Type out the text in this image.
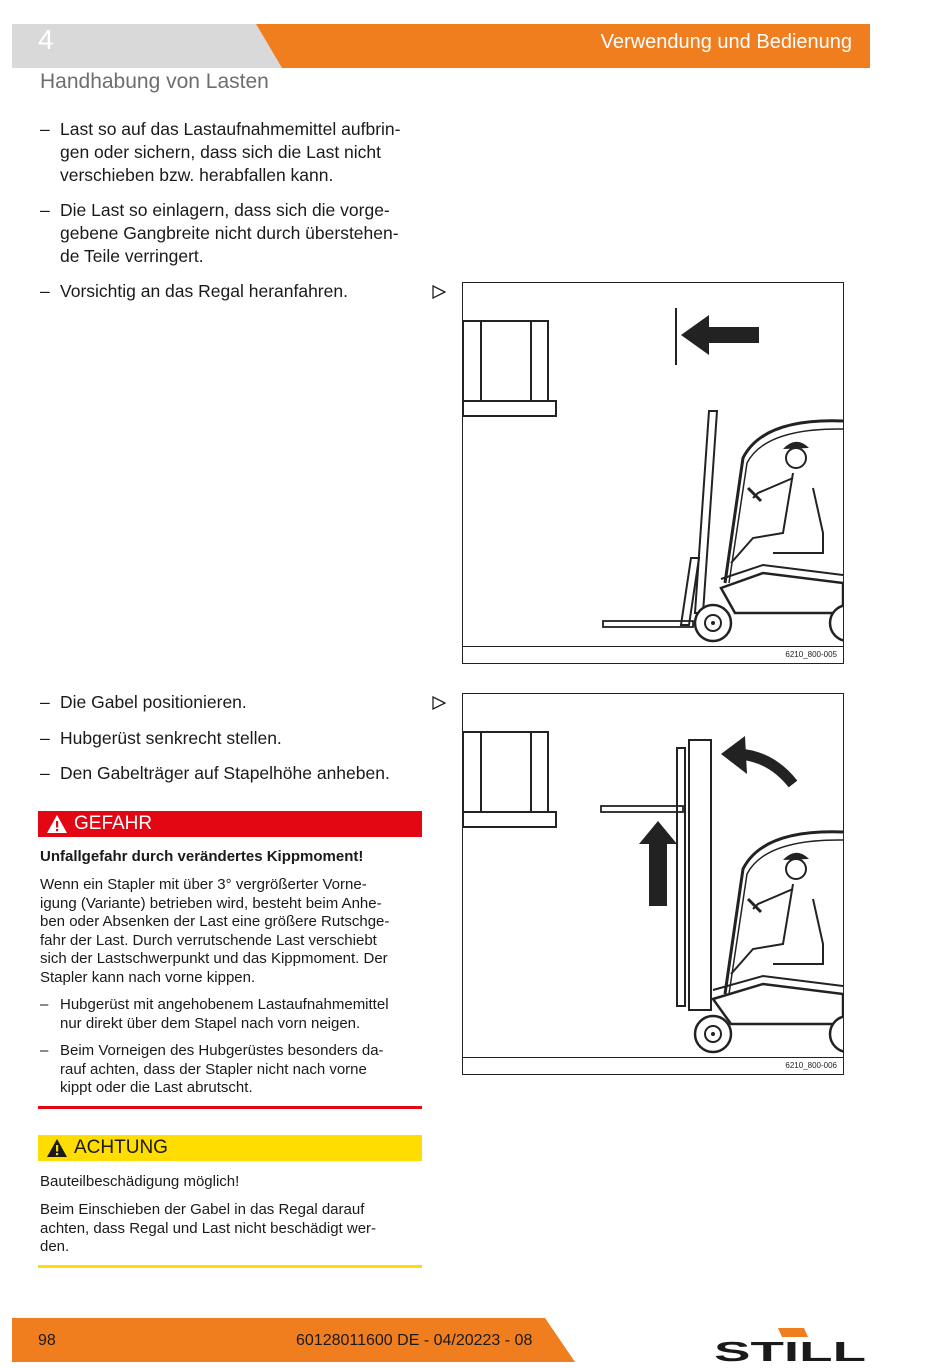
4	Verwendung und Bedienung
Handhabung von Lasten
– Last so auf das Lastaufnahmemittel aufbrin-
gen oder sichern, dass sich die Last nicht
verschieben bzw. herabfallen kann.
– Die Last so einlagern, dass sich die vorge-
gebene Gangbreite nicht durch überstehen-
de Teile verringert.
– Vorsichtig an das Regal heranfahren.
6210_800-005
– Die Gabel positionieren.
– Hubgerüst senkrecht stellen.
– Den Gabelträger auf Stapelhöhe anheben.
6210_800-006
GEFAHR
Unfallgefahr durch verändertes Kippmoment!
Wenn ein Stapler mit über 3° vergrößerter Vorne-
igung (Variante) betrieben wird, besteht beim Anhe-
ben oder Absenken der Last eine größere Rutschge-
fahr der Last. Durch verrutschende Last verschiebt
sich der Lastschwerpunkt und das Kippmoment. Der
Stapler kann nach vorne kippen.
– Hubgerüst mit angehobenem Lastaufnahmemittel
nur direkt über dem Stapel nach vorn neigen.
– Beim Vorneigen des Hubgerüstes besonders da-
rauf achten, dass der Stapler nicht nach vorne
kippt oder die Last abrutscht.
ACHTUNG
Bauteilbeschädigung möglich!
Beim Einschieben der Gabel in das Regal darauf
achten, dass Regal und Last nicht beschädigt wer-
den.
98	60128011600 DE - 04/20223 - 08	STILL
